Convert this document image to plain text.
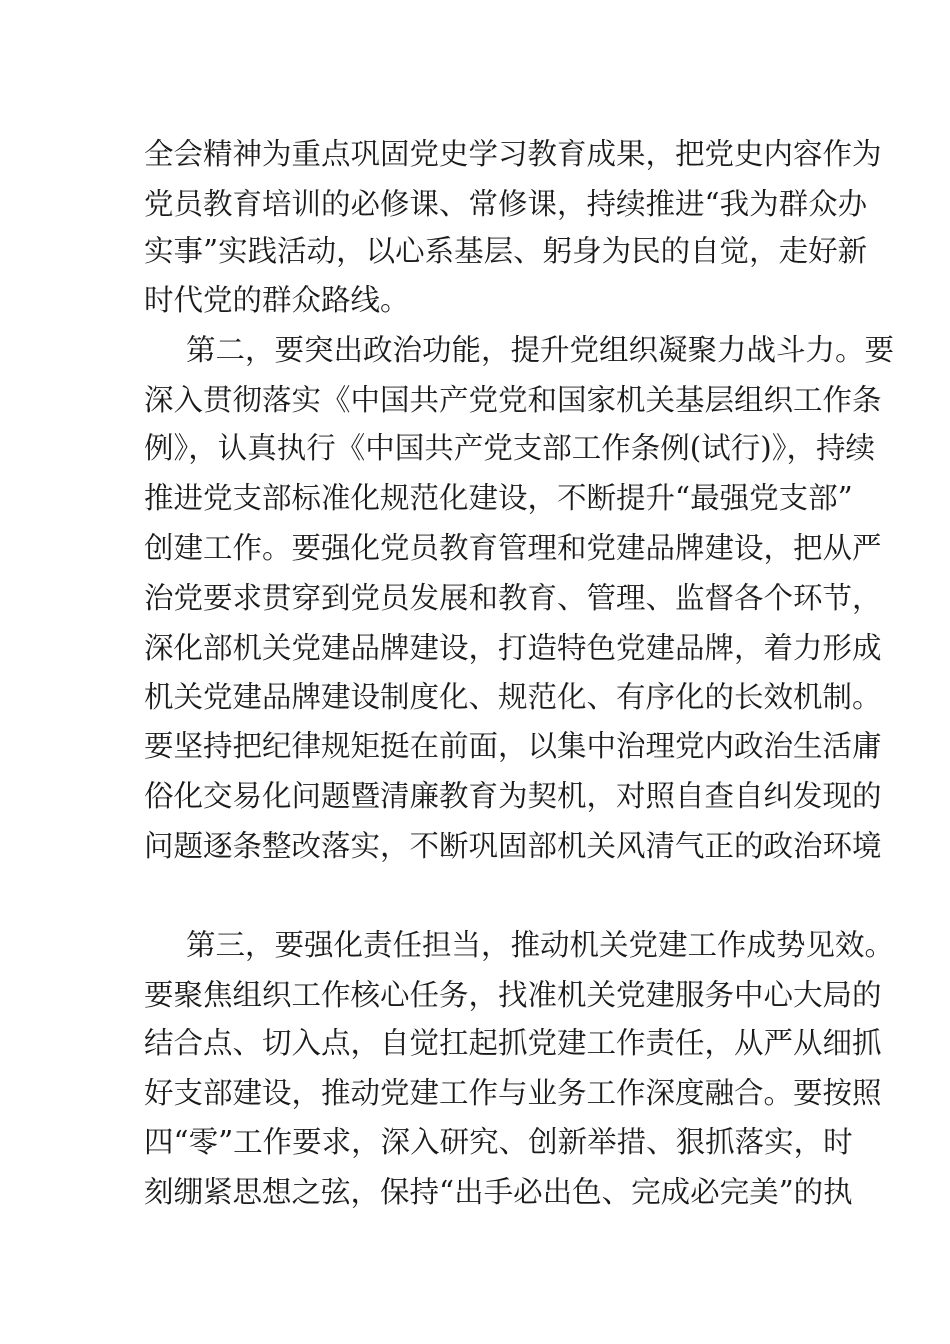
全会精神为重点巩固党史学习教育成果，把党史内容作为
党员教育培训的必修课、常修课，持续推进“我为群众办
实事”实践活动，以心系基层、躬身为民的自觉，走好新
时代党的群众路线。
第二，要突出政治功能，提升党组织凝聚力战斗力。要
深入贯彻落实《中国共产党党和国家机关基层组织工作条
例》，认真执行《中国共产党支部工作条例(试行)》，持续
推进党支部标准化规范化建设，不断提升“最强党支部”
创建工作。要强化党员教育管理和党建品牌建设，把从严
治党要求贯穿到党员发展和教育、管理、监督各个环节，
深化部机关党建品牌建设，打造特色党建品牌，着力形成
机关党建品牌建设制度化、规范化、有序化的长效机制。
要坚持把纪律规矩挺在前面，以集中治理党内政治生活庸
俗化交易化问题暨清廉教育为契机，对照自查自纠发现的
问题逐条整改落实，不断巩固部机关风清气正的政治环境
第三，要强化责任担当，推动机关党建工作成势见效。
要聚焦组织工作核心任务，找准机关党建服务中心大局的
结合点、切入点，自觉扛起抓党建工作责任，从严从细抓
好支部建设，推动党建工作与业务工作深度融合。要按照
四“零”工作要求，深入研究、创新举措、狠抓落实，时
刻绷紧思想之弦，保持“出手必出色、完成必完美”的执
